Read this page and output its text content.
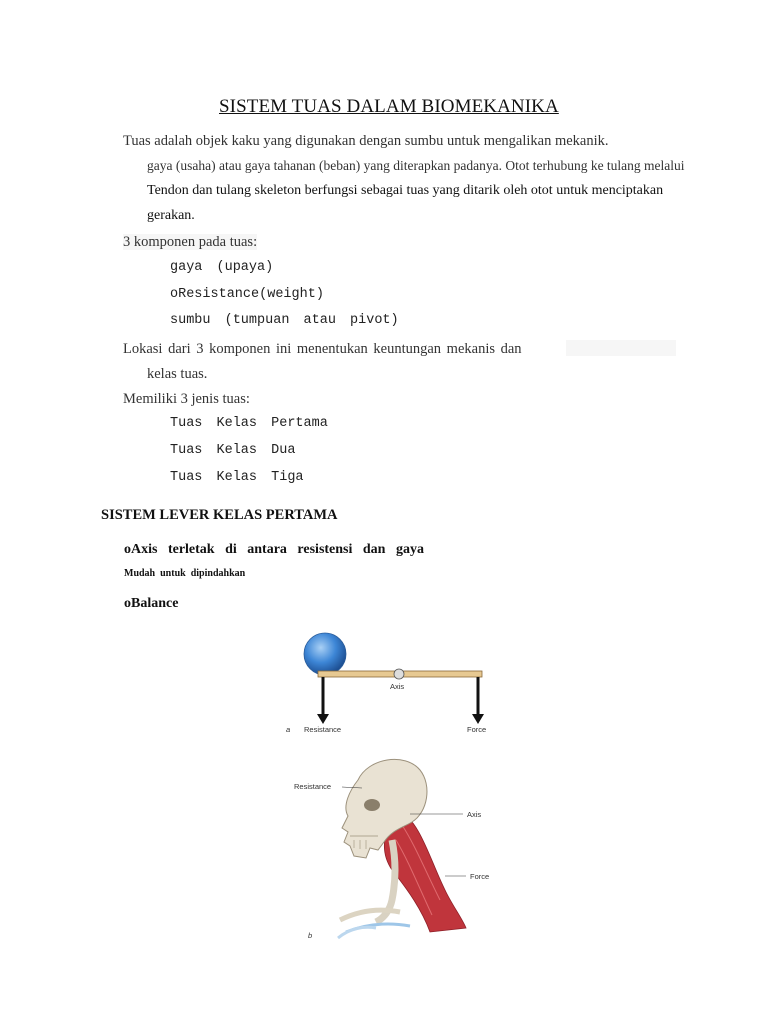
SISTEM TUAS DALAM BIOMEKANIKA
Tuas adalah objek kaku yang digunakan dengan sumbu untuk mengalikan mekanik.
gaya (usaha) atau gaya tahanan (beban) yang diterapkan padanya. Otot terhubung ke tulang melalui
Tendon dan tulang skeleton berfungsi sebagai tuas yang ditarik oleh otot untuk menciptakan
gerakan.
3 komponen pada tuas:
gaya (upaya)
oResistance(weight)
sumbu (tumpuan atau pivot)
Lokasi dari 3 komponen ini menentukan keuntungan mekanis dan
kelas tuas.
Memiliki 3 jenis tuas:
Tuas Kelas Pertama
Tuas Kelas Dua
Tuas Kelas Tiga
SISTEM LEVER KELAS PERTAMA
oAxis   terletak   di   antara   resistensi   dan   gaya
Mudah  untuk  dipindahkan
oBalance
Axis
a Resistance	Force
Resistance
Axis
Force
b
